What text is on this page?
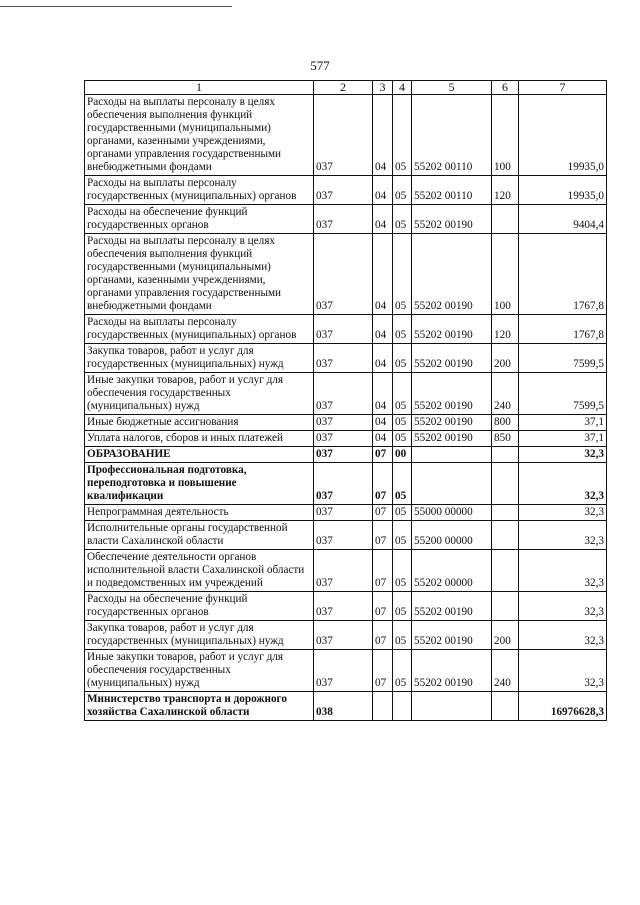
577
1	2	3	4	5	6	7
Расходы на выплаты персоналу в целях обеспечения выполнения функций государственными (муниципальными) органами, казенными учреждениями, органами управления государственными внебюджетными фондами	037	04	05	55202 00110	100	19935,0
Расходы на выплаты персоналу государственных (муниципальных) органов	037	04	05	55202 00110	120	19935,0
Расходы на обеспечение функций государственных органов	037	04	05	55202 00190		9404,4
Расходы на выплаты персоналу в целях обеспечения выполнения функций государственными (муниципальными) органами, казенными учреждениями, органами управления государственными внебюджетными фондами	037	04	05	55202 00190	100	1767,8
Расходы на выплаты персоналу государственных (муниципальных) органов	037	04	05	55202 00190	120	1767,8
Закупка товаров, работ и услуг для государственных (муниципальных) нужд	037	04	05	55202 00190	200	7599,5
Иные закупки товаров, работ и услуг для обеспечения государственных (муниципальных) нужд	037	04	05	55202 00190	240	7599,5
Иные бюджетные ассигнования	037	04	05	55202 00190	800	37,1
Уплата налогов, сборов и иных платежей	037	04	05	55202 00190	850	37,1
ОБРАЗОВАНИЕ	037	07	00			32,3
Профессиональная подготовка, переподготовка и повышение квалификации	037	07	05			32,3
Непрограммная деятельность	037	07	05	55000 00000		32,3
Исполнительные органы государственной власти Сахалинской области	037	07	05	55200 00000		32,3
Обеспечение деятельности органов исполнительной власти Сахалинской области и подведомственных им учреждений	037	07	05	55202 00000		32,3
Расходы на обеспечение функций государственных органов	037	07	05	55202 00190		32,3
Закупка товаров, работ и услуг для государственных (муниципальных) нужд	037	07	05	55202 00190	200	32,3
Иные закупки товаров, работ и услуг для обеспечения государственных (муниципальных) нужд	037	07	05	55202 00190	240	32,3
Министерство транспорта и дорожного хозяйства Сахалинской области	038					16976628,3
